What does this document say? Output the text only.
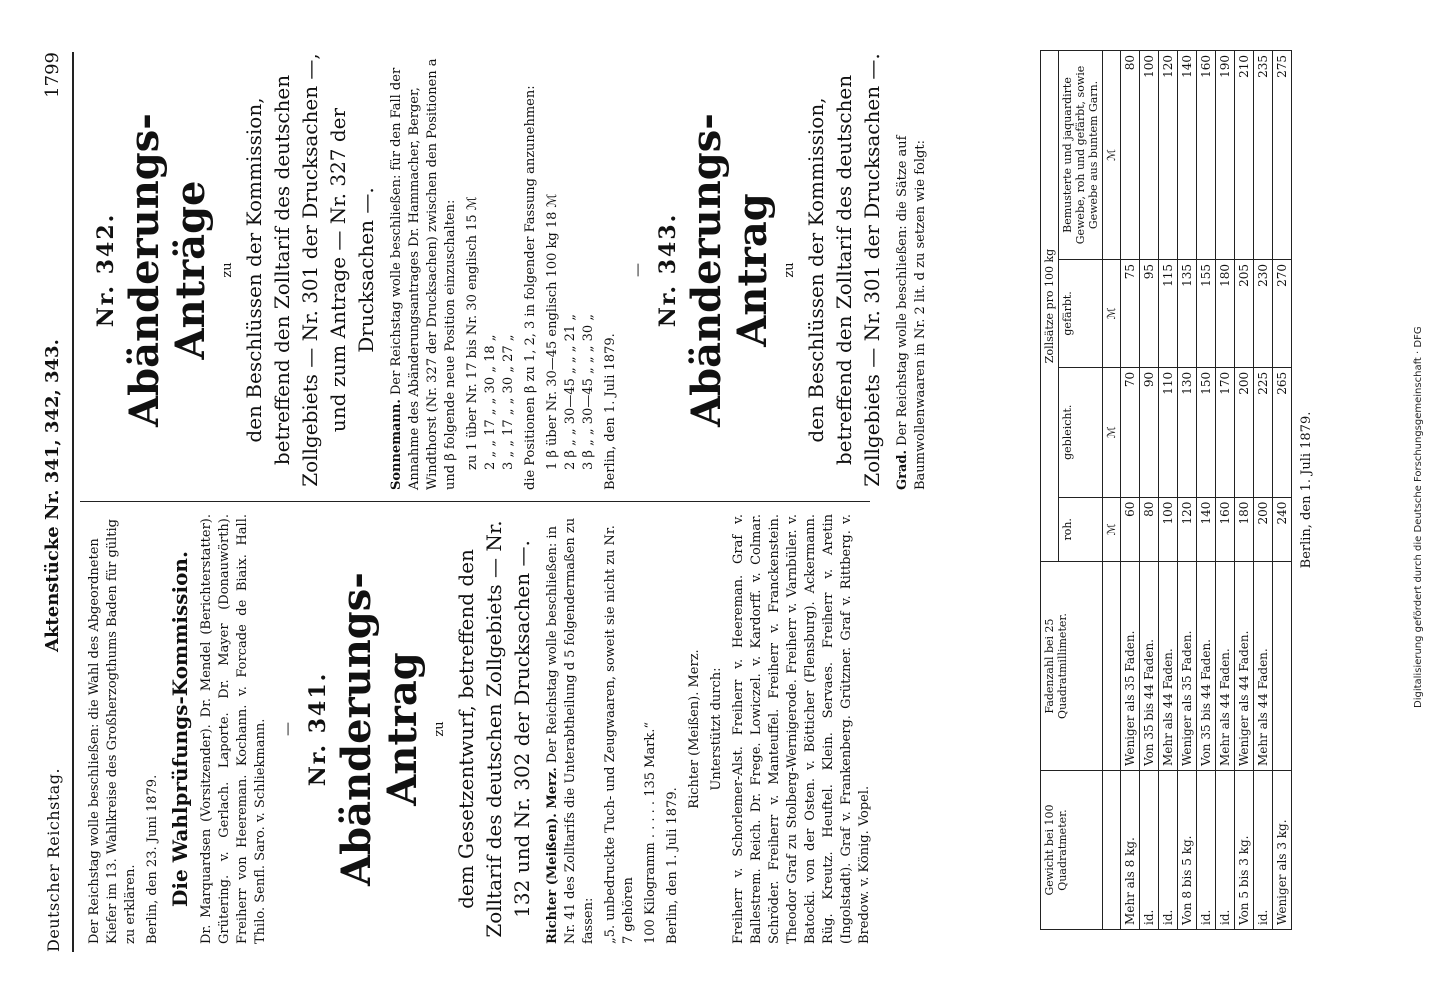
Digitalisierung gefördert durch die Deutsche Forschungsgemeinschaft · DFG
Deutscher Reichstag.
Aktenstücke Nr. 341, 342, 343.
1799

Der Reichstag wolle beschließen: die Wahl des Abgeordneten Kiefer im 13. Wahlkreise des Großherzogthums Baden für gültig zu erklären. Berlin, den 23. Juni 1879. Die Wahlprüfungs-Kommission. Dr. Marquardsen (Vorsitzender). Dr. Mendel (Berichterstatter). Grütering. v. Gerlach. Laporte. Dr. Mayer (Donauwörth). Freiherr von Heereman. Kochann. v. Forcade de Biaix. Hall. Thilo. Senfl. Saro. v. Schliekmann. — Nr. 341. Abänderungs-Antrag zu dem Gesetzentwurf, betreffend den Zolltarif des deutschen Zollgebiets — Nr. 132 und Nr. 302 der Drucksachen —. Richter (Meißen). Merz. Der Reichstag wolle beschließen: in Nr. 41 des Zolltarifs die Unterabtheilung d 5 folgendermaßen zu fassen: „5. unbedruckte Tuch- und Zeugwaaren, soweit sie nicht zu Nr. 7 gehören 100 Kilogramm . . . . . 135 Mark.“ Berlin, den 1. Juli 1879.

Richter (Meißen). Merz. Unterstützt durch: Freiherr v. Schorlemer-Alst. Freiherr v. Heereman. Graf v. Ballestrem. Reich. Dr. Frege. Lowiczel. v. Kardorff. v. Colmar. Schröder. Freiherr v. Manteuffel. Freiherr v. Franckenstein. Theodor Graf zu Stolberg-Wernigerode. Freiherr v. Varnbüler. v. Batocki. von der Osten. v. Bötticher (Flensburg). Ackermann. Rüg. Kreutz. Heuftel. Klein. Servaes. Freiherr v. Aretin (Ingolstadt). Graf v. Frankenberg. Grützner. Graf v. Rittberg. v. Bredow. v. König. Vopel.

Nr. 342. Abänderungs-Anträge zu den Beschlüssen der Kommission, betreffend den Zolltarif des deutschen Zollgebiets — Nr. 301 der Drucksachen —, und zum Antrage — Nr. 327 der Drucksachen —.

Sonnemann. Der Reichstag wolle beschließen: für den Fall der Annahme des Abänderungsantrages Dr. Hammacher, Berger, Windthorst (Nr. 327 der Drucksachen) zwischen den Positionen a und β folgende neue Position einzuschalten: zu 1 über Nr. 17 bis Nr. 30 englisch 15 ℳ 2 „ „ 17 „ „ 30 „ 18 „ 3 „ „ 17 „ „ 30 „ 27 „ die Positionen β zu 1, 2, 3 in folgender Fassung anzunehmen: 1 β über Nr. 30—45 englisch 100 kg 18 ℳ 2 β „ „ 30—45 „ „ „ 21 „ 3 β „ „ 30—45 „ „ „ 30 „ Berlin, den 1. Juli 1879.

— Nr. 343. Abänderungs-Antrag zu den Beschlüssen der Kommission, betreffend den Zolltarif des deutschen Zollgebiets — Nr. 301 der Drucksachen —. Grad. Der Reichstag wolle beschließen: die Sätze auf Baumwollenwaaren in Nr. 2 lit. d zu setzen wie folgt:

Gewicht bei 100 Quadratmeter.	Fadenzahl bei 25 Quadratmillimeter.	Zollsätze pro 100 kg			
		roh.	gebleicht.	gefärbt.	Bemusterte und jaquardirte Gewebe, roh und gefärbt, sowie Gewebe aus buntem Garn.
		ℳ	ℳ	ℳ	ℳ
Mehr als 8 kg.	Weniger als 35 Faden.	60	70	75	80
id.	Von 35 bis 44 Faden.	80	90	95	100
id.	Mehr als 44 Faden.	100	110	115	120
Von 8 bis 5 kg.	Weniger als 35 Faden.	120	130	135	140
id.	Von 35 bis 44 Faden.	140	150	155	160
id.	Mehr als 44 Faden.	160	170	180	190
Von 5 bis 3 kg.	Weniger als 44 Faden.	180	200	205	210
id.	Mehr als 44 Faden.	200	225	230	235
Weniger als 3 kg.		240	265	270	275

Berlin, den 1. Juli 1879.
